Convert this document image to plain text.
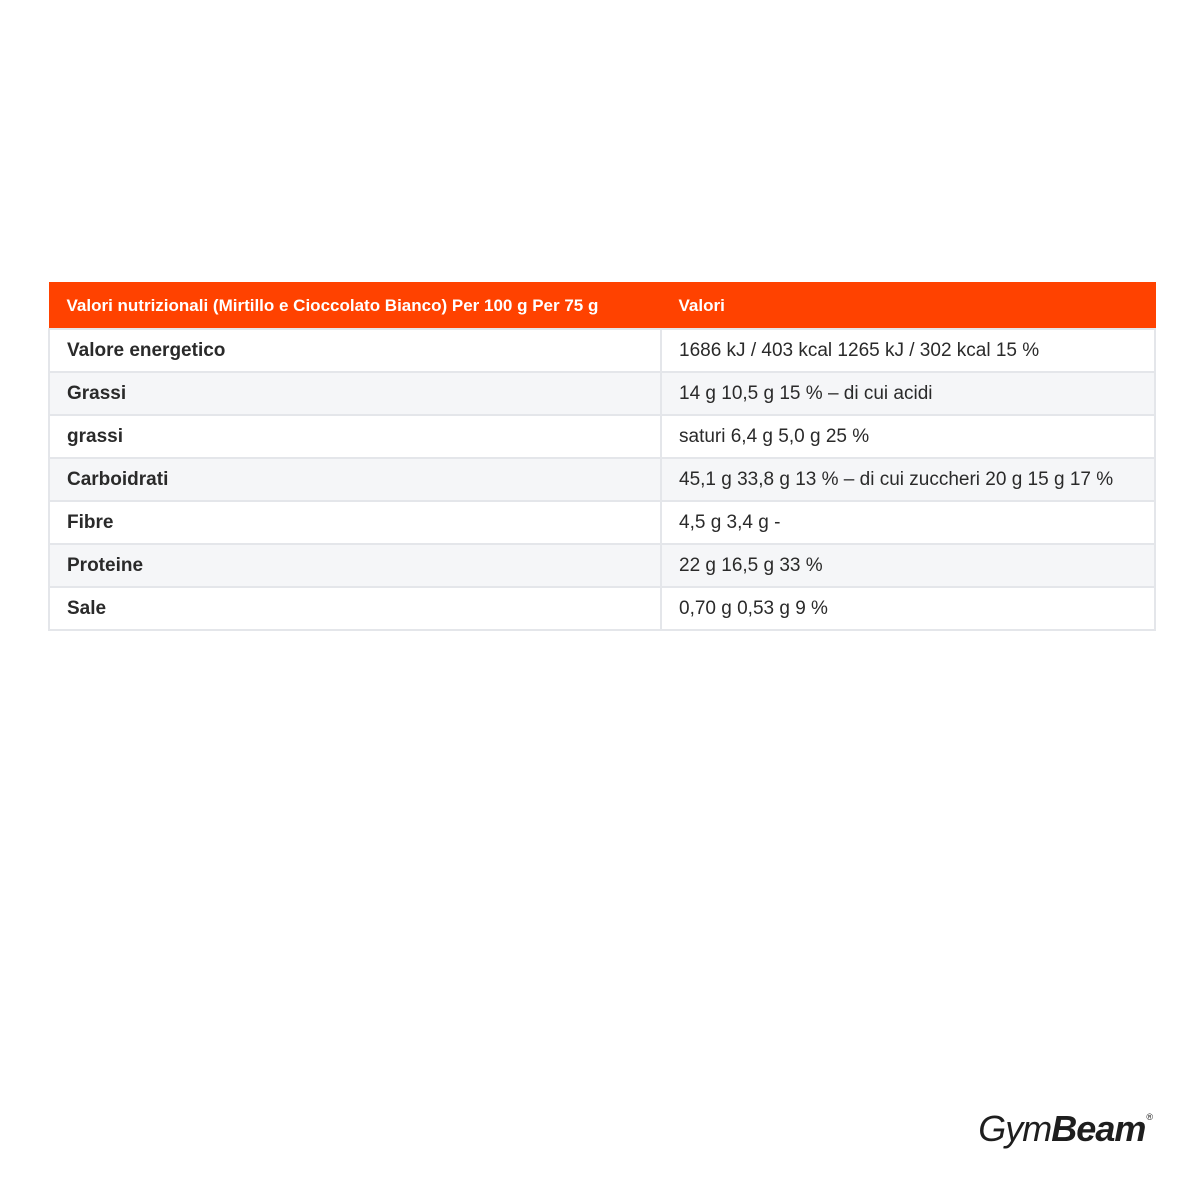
Valori nutrizionali (Mirtillo e Cioccolato Bianco) Per 100 g Per 75 g	Valori
Valore energetico	1686 kJ / 403 kcal 1265 kJ / 302 kcal 15 %
Grassi	14 g 10,5 g 15 % – di cui acidi
grassi	saturi 6,4 g 5,0 g 25 %
Carboidrati	45,1 g 33,8 g 13 % – di cui zuccheri 20 g 15 g 17 %
Fibre	4,5 g 3,4 g -
Proteine	22 g 16,5 g 33 %
Sale	0,70 g 0,53 g 9 %
GymBeam®
